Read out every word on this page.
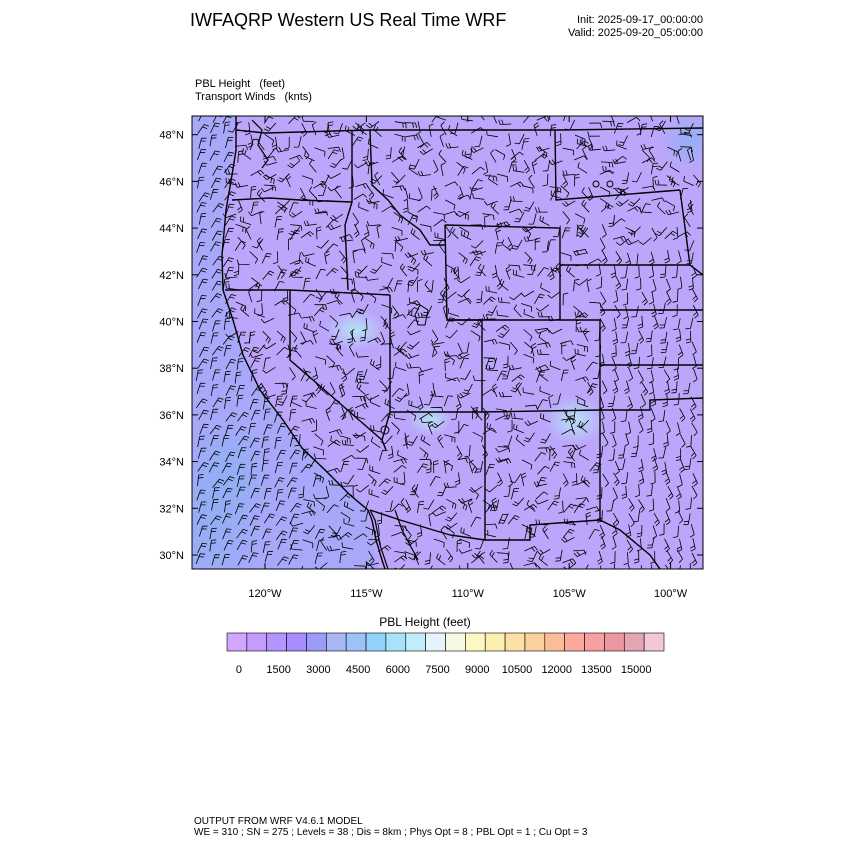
IWFAQRP Western US Real Time WRF	Init: 2025-09-17_00:00:00
Valid: 2025-09-20_05:00:00
PBL Height   (feet)
Transport Winds   (knts)
48°N
46°N
44°N
42°N
40°N
38°N
36°N
34°N
32°N
30°N
120°W	115°W	110°W	105°W	100°W
0 1500 3000 4500 6000 7500 9000 10500 12000 13500 15000
PBL Height (feet)
OUTPUT FROM WRF V4.6.1 MODEL
WE = 310 ; SN = 275 ; Levels = 38 ; Dis = 8km ; Phys Opt = 8 ; PBL Opt = 1 ; Cu Opt = 3
